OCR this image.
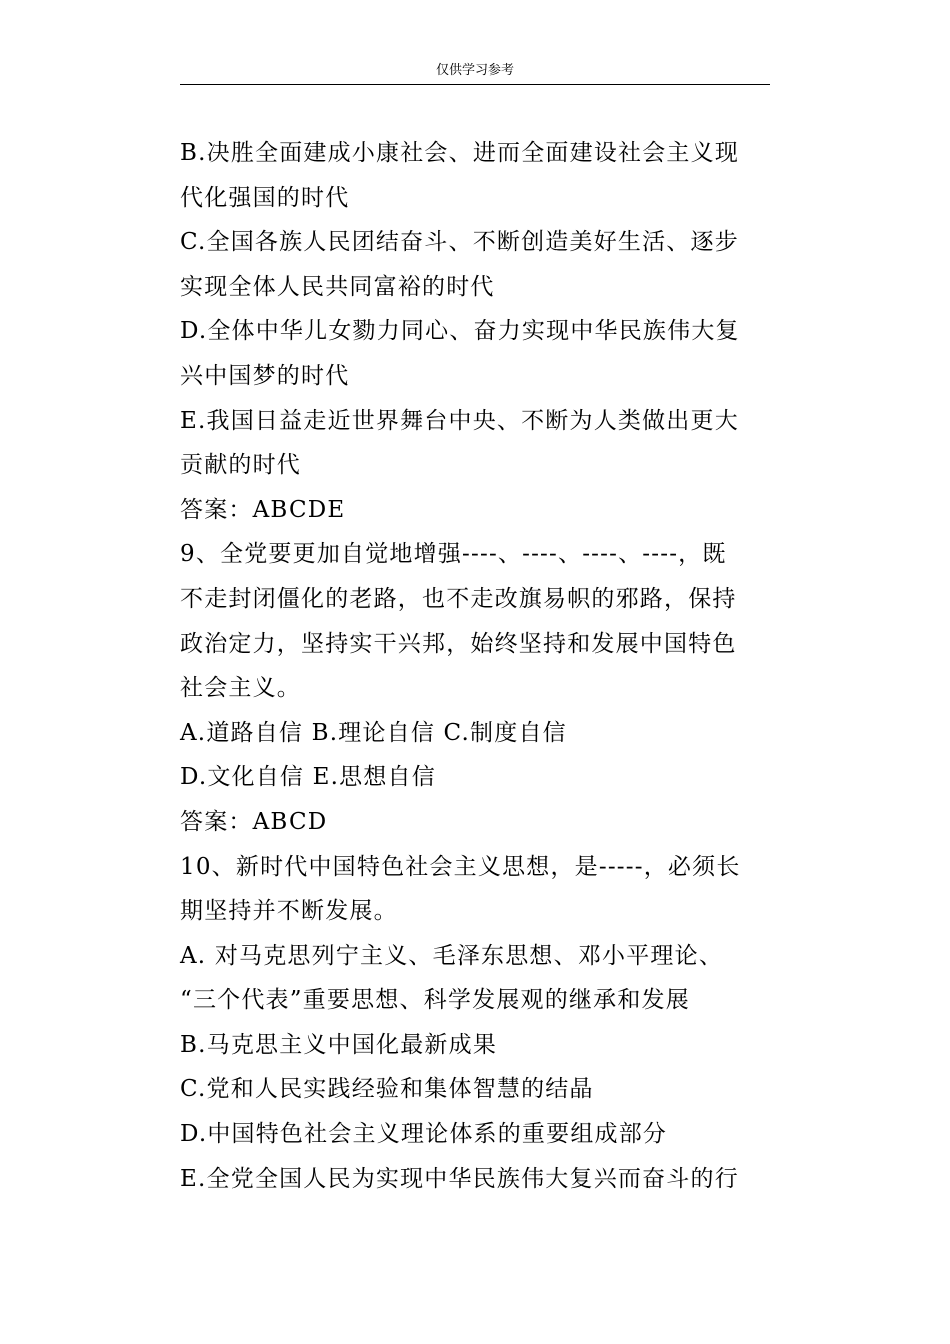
仅供学习参考
B.决胜全面建成小康社会、进而全面建设社会主义现
代化强国的时代
C.全国各族人民团结奋斗、不断创造美好生活、逐步
实现全体人民共同富裕的时代
D.全体中华儿女勠力同心、奋力实现中华民族伟大复
兴中国梦的时代
E.我国日益走近世界舞台中央、不断为人类做出更大
贡献的时代
答案：ABCDE
9、全党要更加自觉地增强----、----、----、----，既
不走封闭僵化的老路，也不走改旗易帜的邪路，保持
政治定力，坚持实干兴邦，始终坚持和发展中国特色
社会主义。
A.道路自信 B.理论自信 C.制度自信
D.文化自信 E.思想自信
答案：ABCD
10、新时代中国特色社会主义思想，是-----，必须长
期坚持并不断发展。
A. 对马克思列宁主义、毛泽东思想、邓小平理论、
“三个代表”重要思想、科学发展观的继承和发展
B.马克思主义中国化最新成果
C.党和人民实践经验和集体智慧的结晶
D.中国特色社会主义理论体系的重要组成部分
E.全党全国人民为实现中华民族伟大复兴而奋斗的行
